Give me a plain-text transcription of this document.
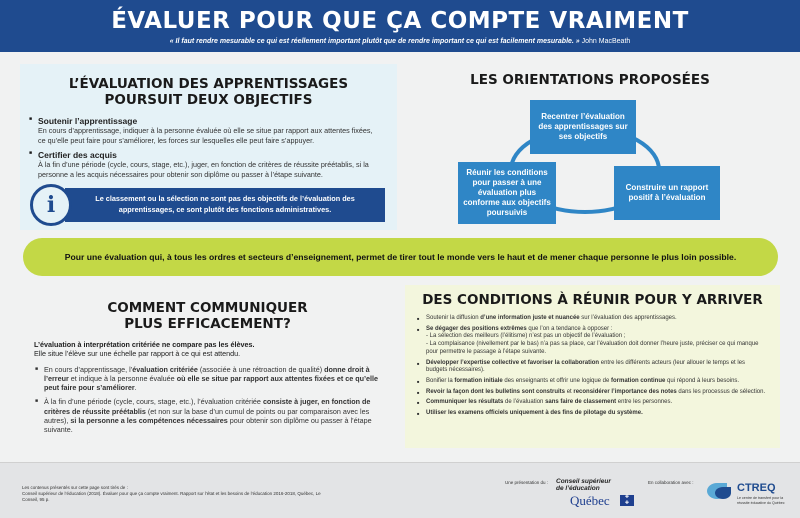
ÉVALUER POUR QUE ÇA COMPTE VRAIMENT
« Il faut rendre mesurable ce qui est réellement important plutôt que de rendre important ce qui est facilement mesurable. » John MacBeath
L’ÉVALUATION DES APPRENTISSAGES
POURSUIT DEUX OBJECTIFS
■ Soutenir l’apprentissage
En cours d’apprentissage, indiquer à la personne évaluée où elle se situe par rapport aux attentes fixées, ce qu’elle peut faire pour s’améliorer, les forces sur lesquelles elle peut faire s’appuyer.
■ Certifier des acquis
À la fin d’une période (cycle, cours, stage, etc.), juger, en fonction de critères de réussite préétablis, si la personne a les acquis nécessaires pour obtenir son diplôme ou passer à l’étape suivante.
Le classement ou la sélection ne sont pas des objectifs de l’évaluation des apprentissages, ce sont plutôt des fonctions administratives.
i
LES ORIENTATIONS PROPOSÉES
Recentrer l’évaluation des apprentissages sur ses objectifs
Construire un rapport positif à l’évaluation
Réunir les conditions pour passer à une évaluation plus conforme aux objectifs poursuivis
Pour une évaluation qui, à tous les ordres et secteurs d’enseignement, permet de tirer tout le monde vers le haut et de mener chaque personne le plus loin possible.
COMMENT COMMUNIQUER
PLUS EFFICACEMENT?
L’évaluation à interprétation critériée ne compare pas les élèves.
Elle situe l’élève sur une échelle par rapport à ce qui est attendu.
■ En cours d’apprentissage, l’évaluation critériée (associée à une rétroaction de qualité) donne droit à l’erreur et indique à la personne évaluée où elle se situe par rapport aux attentes fixées et ce qu’elle peut faire pour s’améliorer.
■ À la fin d’une période (cycle, cours, stage, etc.), l’évaluation critériée consiste à juger, en fonction de critères de réussite préétablis (et non sur la base d’un cumul de points ou par comparaison avec les autres), si la personne a les compétences nécessaires pour obtenir son diplôme ou passer à l’étape suivante.
DES CONDITIONS À RÉUNIR POUR Y ARRIVER
■ Soutenir la diffusion d’une information juste et nuancée sur l’évaluation des apprentissages.
■ Se dégager des positions extrêmes que l’on a tendance à opposer :
- La sélection des meilleurs (l’élitisme) n’est pas un objectif de l’évaluation ;
- La complaisance (nivellement par le bas) n’a pas sa place, car l’évaluation doit donner l’heure juste, préciser ce qui manque pour permettre le passage à l’étape suivante.
■ Développer l’expertise collective et favoriser la collaboration entre les différents acteurs (leur allouer le temps et les budgets nécessaires).
■ Bonifier la formation initiale des enseignants et offrir une logique de formation continue qui répond à leurs besoins.
■ Revoir la façon dont les bulletins sont construits et reconsidérer l’importance des notes dans les processus de sélection.
■ Communiquer les résultats de l’évaluation sans faire de classement entre les personnes.
■ Utiliser les examens officiels uniquement à des fins de pilotage du système.
Les contenus présentés sur cette page sont tirés de :
Conseil supérieur de l’éducation (2018). Évaluer pour que ça compte vraiment. Rapport sur l’état et les besoins de l’éducation 2016-2018, Québec, Le Conseil, 95 p.
Une présentation du : Conseil supérieur
de l’éducation
Québec	✚
✚
En collaboration avec :	CTREQ
Le centre de transfert pour la réussite éducative du Québec
